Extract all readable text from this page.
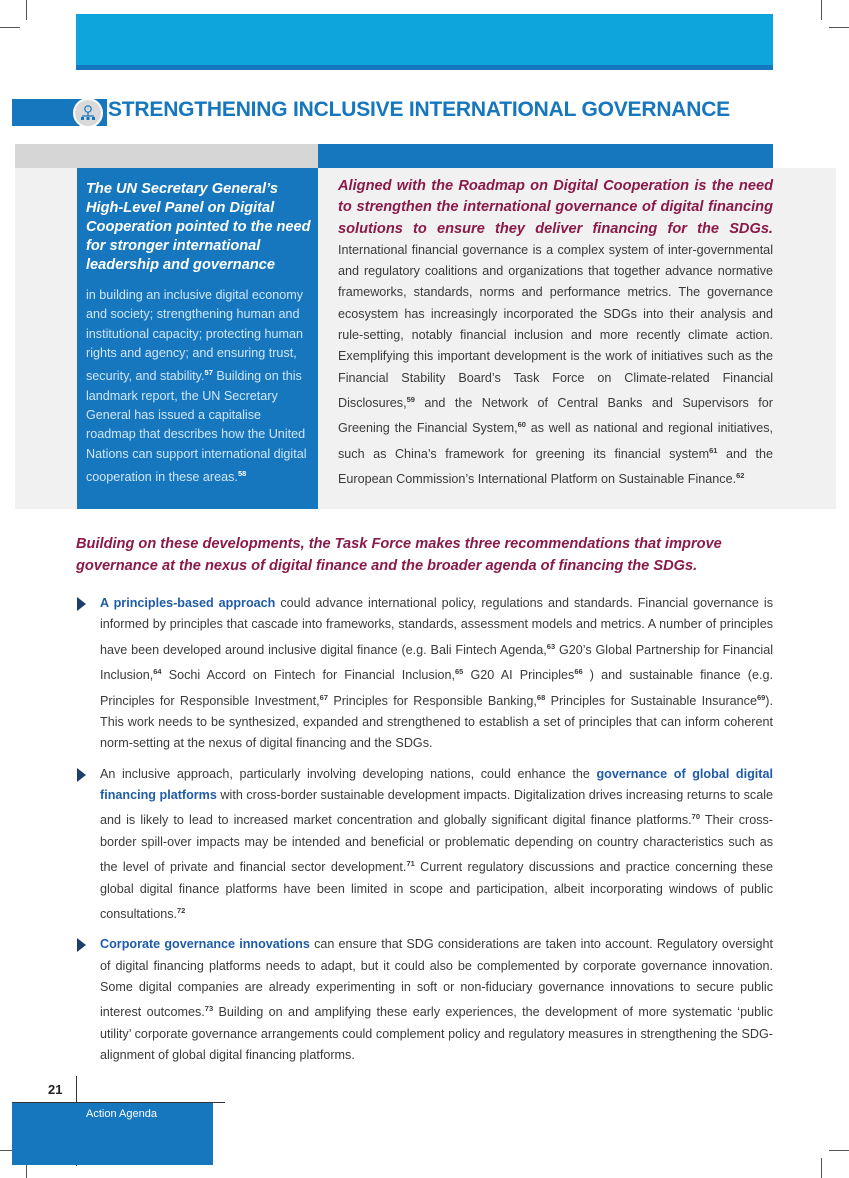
STRENGTHENING INCLUSIVE INTERNATIONAL GOVERNANCE
The UN Secretary General’s High-Level Panel on Digital Cooperation pointed to the need for stronger international leadership and governance
in building an inclusive digital economy and society; strengthening human and institutional capacity; protecting human rights and agency; and ensuring trust, security, and stability.$^{57}$ Building on this landmark report, the UN Secretary General has issued a capitalise roadmap that describes how the United Nations can support international digital cooperation in these areas.$^{58}$
Aligned with the Roadmap on Digital Cooperation is the need to strengthen the international governance of digital financing solutions to ensure they deliver financing for the SDGs. International financial governance is a complex system of inter-governmental and regulatory coalitions and organizations that together advance normative frameworks, standards, norms and performance metrics. The governance ecosystem has increasingly incorporated the SDGs into their analysis and rule-setting, notably financial inclusion and more recently climate action. Exemplifying this important development is the work of initiatives such as the Financial Stability Board’s Task Force on Climate-related Financial Disclosures,$^{59}$ and the Network of Central Banks and Supervisors for Greening the Financial System,$^{60}$ as well as national and regional initiatives, such as China’s framework for greening its financial system$^{61}$ and the European Commission’s International Platform on Sustainable Finance.$^{62}$
Building on these developments, the Task Force makes three recommendations that improve governance at the nexus of digital finance and the broader agenda of financing the SDGs.
A principles-based approach could advance international policy, regulations and standards. Financial governance is informed by principles that cascade into frameworks, standards, assessment models and metrics. A number of principles have been developed around inclusive digital finance (e.g. Bali Fintech Agenda,$^{63}$ G20’s Global Partnership for Financial Inclusion,$^{64}$ Sochi Accord on Fintech for Financial Inclusion,$^{65}$ G20 AI Principles$^{66}$ ) and sustainable finance (e.g. Principles for Responsible Investment,$^{67}$ Principles for Responsible Banking,$^{68}$ Principles for Sustainable Insurance$^{69}$). This work needs to be synthesized, expanded and strengthened to establish a set of principles that can inform coherent norm-setting at the nexus of digital financing and the SDGs.
An inclusive approach, particularly involving developing nations, could enhance the governance of global digital financing platforms with cross-border sustainable development impacts. Digitalization drives increasing returns to scale and is likely to lead to increased market concentration and globally significant digital finance platforms.$^{70}$ Their cross-border spill-over impacts may be intended and beneficial or problematic depending on country characteristics such as the level of private and financial sector development.$^{71}$ Current regulatory discussions and practice concerning these global digital finance platforms have been limited in scope and participation, albeit incorporating windows of public consultations.$^{72}$
Corporate governance innovations can ensure that SDG considerations are taken into account. Regulatory oversight of digital financing platforms needs to adapt, but it could also be complemented by corporate governance innovation. Some digital companies are already experimenting in soft or non-fiduciary governance innovations to secure public interest outcomes.$^{73}$ Building on and amplifying these early experiences, the development of more systematic ‘public utility’ corporate governance arrangements could complement policy and regulatory measures in strengthening the SDG-alignment of global digital financing platforms.
21
Action Agenda
